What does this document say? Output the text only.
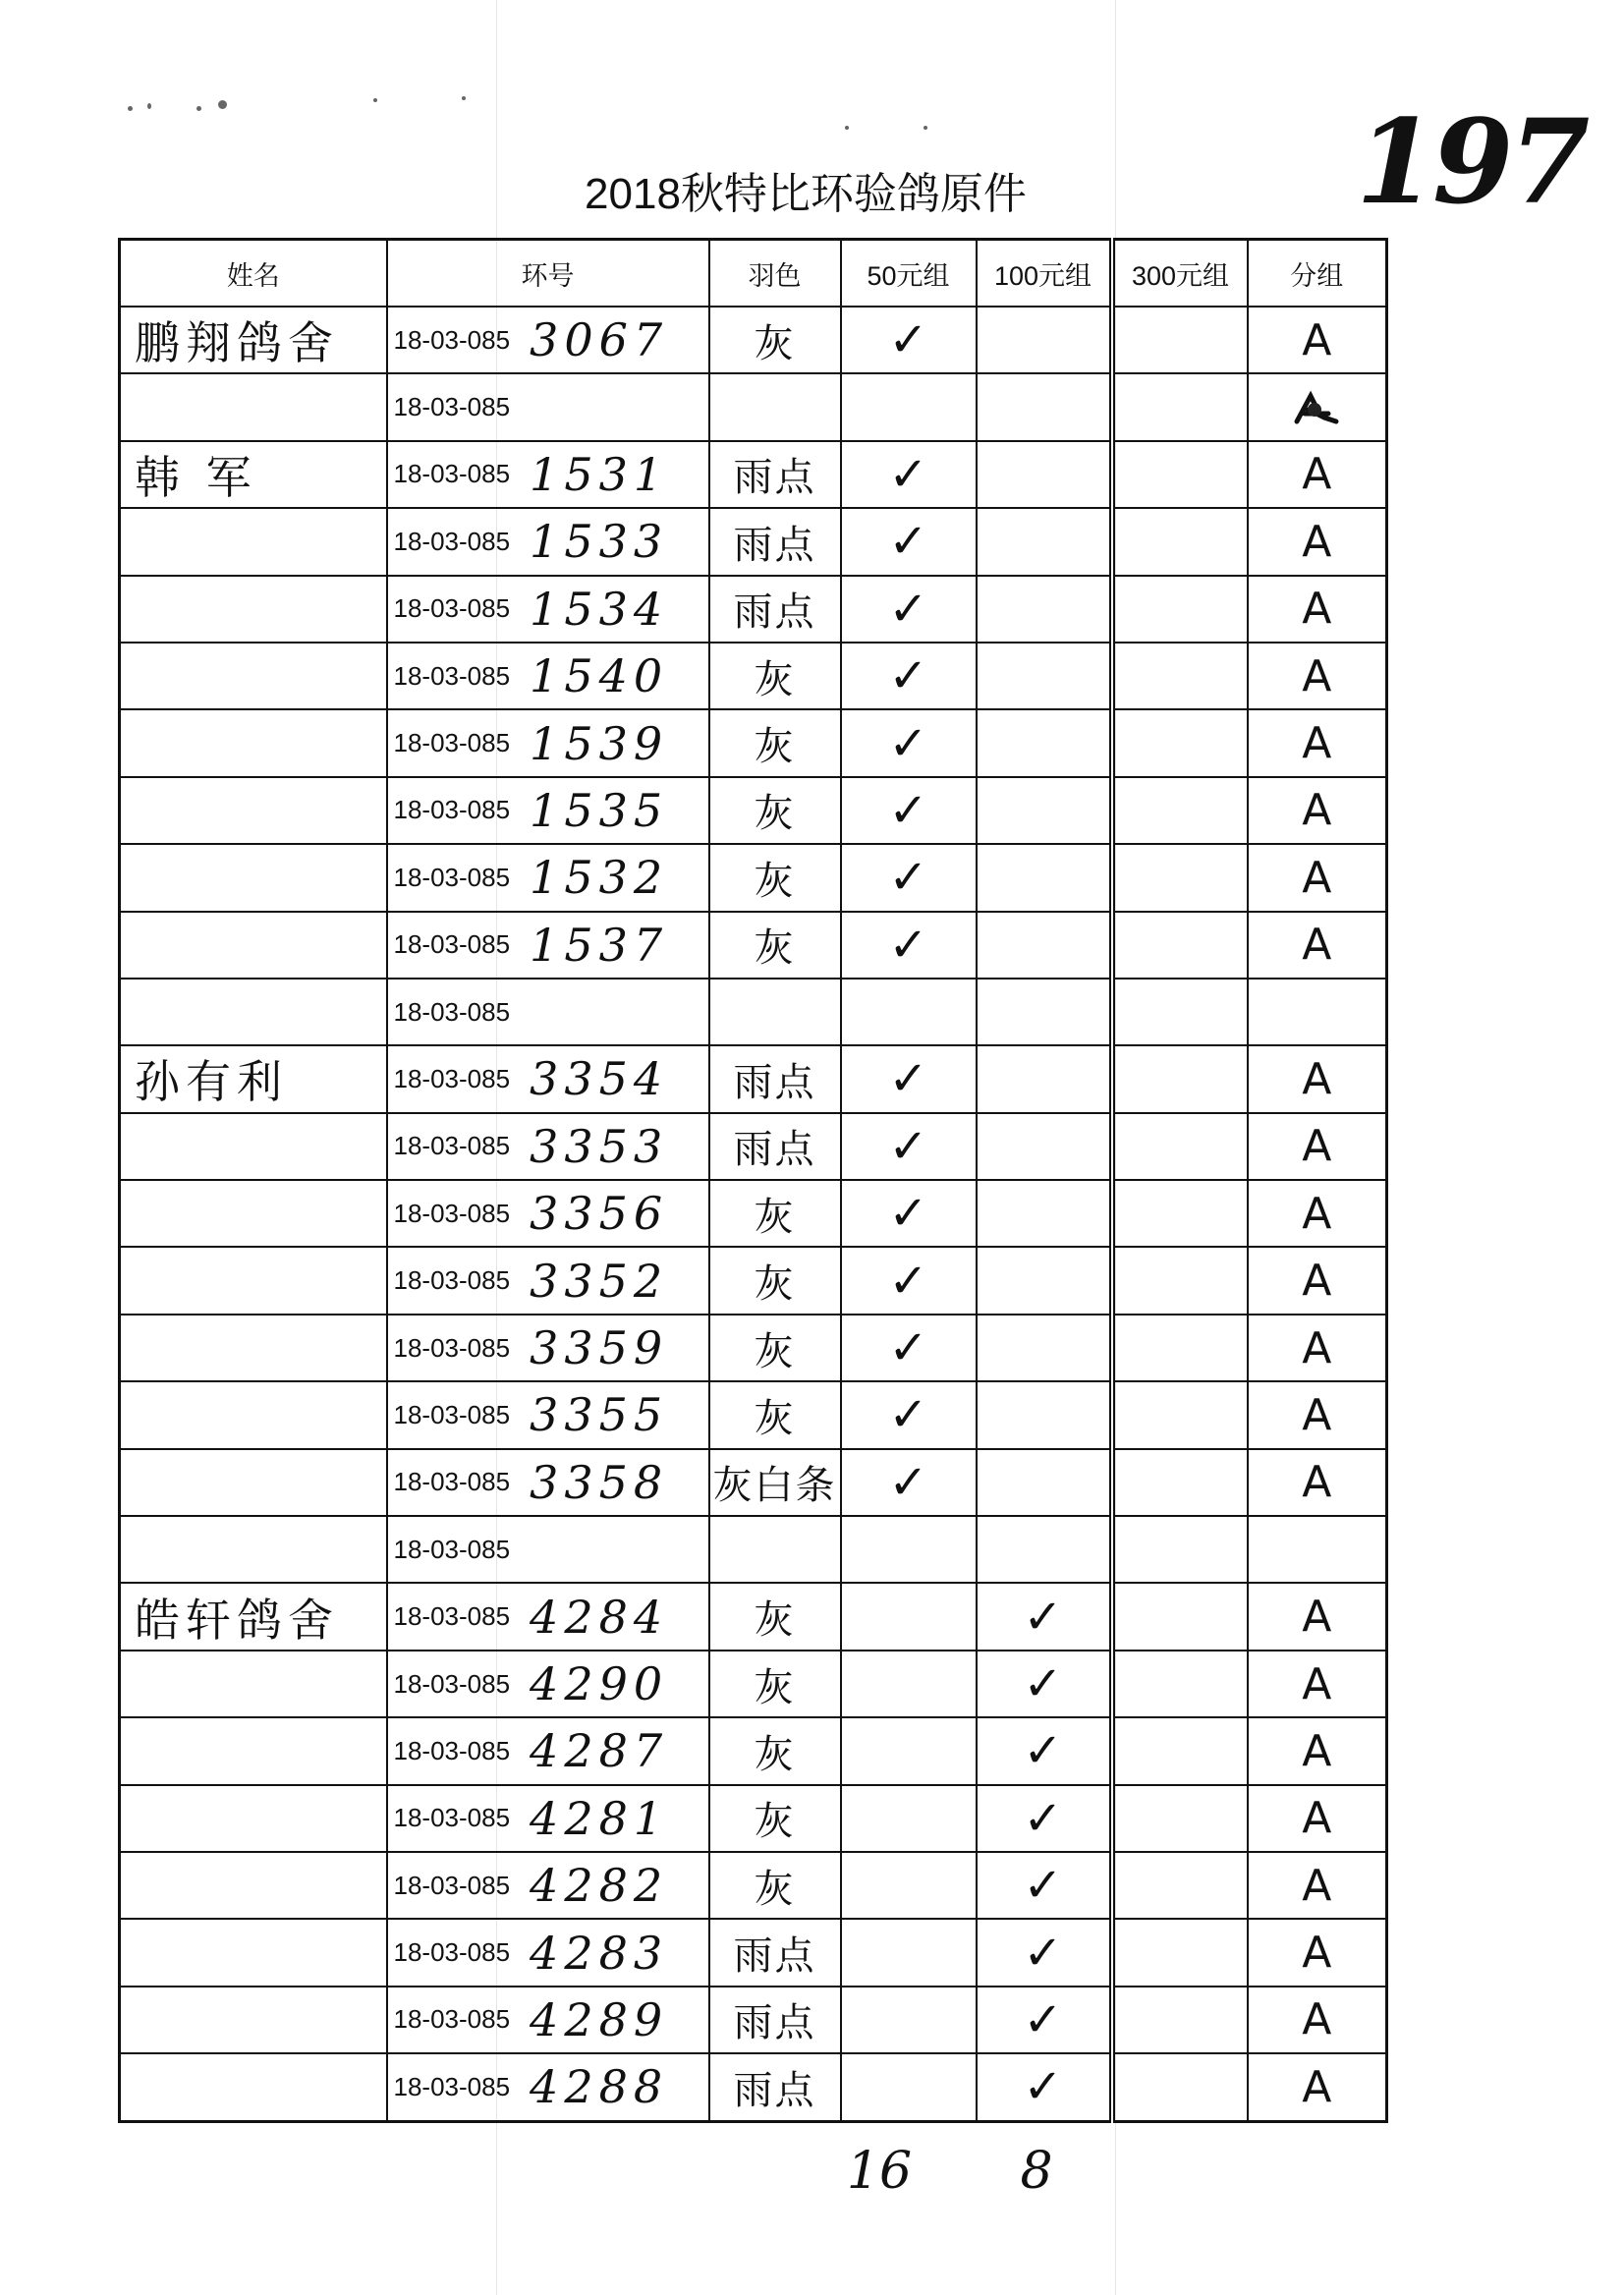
197
2018秋特比环验鸽原件
姓名	环号	羽色	50元组	100元组	300元组	分组

鹏翔鸽舍	18-03-085 3067	灰	✓			A

	18-03-085

韩 军	18-03-085 1531	雨点	✓			A

	18-03-085 1533	雨点	✓			A

	18-03-085 1534	雨点	✓			A

	18-03-085 1540	灰	✓			A

	18-03-085 1539	灰	✓			A

	18-03-085 1535	灰	✓			A

	18-03-085 1532	灰	✓			A

	18-03-085 1537	灰	✓			A

	18-03-085					

孙有利	18-03-085 3354	雨点	✓			A

	18-03-085 3353	雨点	✓			A

	18-03-085 3356	灰	✓			A

	18-03-085 3352	灰	✓			A

	18-03-085 3359	灰	✓			A

	18-03-085 3355	灰	✓			A

	18-03-085 3358	灰白条	✓			A

	18-03-085					

皓轩鸽舍	18-03-085 4284	灰		✓		A

	18-03-085 4290	灰		✓		A

	18-03-085 4287	灰		✓		A

	18-03-085 4281	灰		✓		A

	18-03-085 4282	灰		✓		A

	18-03-085 4283	雨点		✓		A

	18-03-085 4289	雨点		✓		A

	18-03-085 4288	雨点		✓		A
16	8
